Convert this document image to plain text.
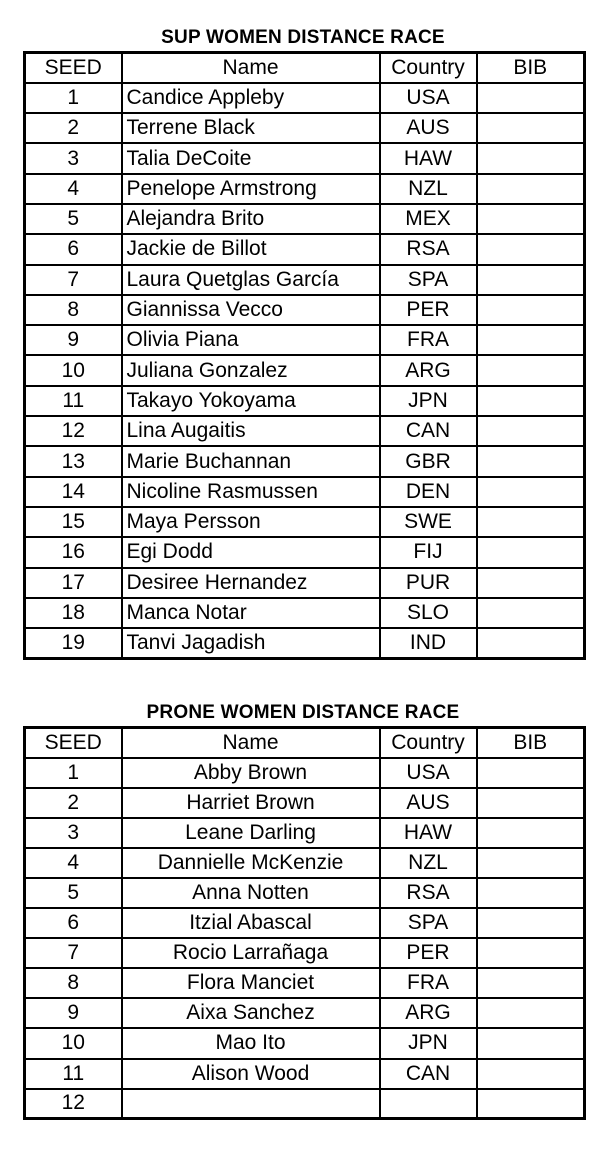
SUP WOMEN DISTANCE RACE
SEED	Name	Country	BIB
1	Candice Appleby	USA	
2	Terrene Black	AUS	
3	Talia DeCoite	HAW	
4	Penelope Armstrong	NZL	
5	Alejandra Brito	MEX	
6	Jackie de Billot	RSA	
7	Laura Quetglas García	SPA	
8	Giannissa Vecco	PER	
9	Olivia Piana	FRA	
10	Juliana Gonzalez	ARG	
11	Takayo Yokoyama	JPN	
12	Lina Augaitis	CAN	
13	Marie Buchannan	GBR	
14	Nicoline Rasmussen	DEN	
15	Maya Persson	SWE	
16	Egi Dodd	FIJ	
17	Desiree Hernandez	PUR	
18	Manca Notar	SLO	
19	Tanvi Jagadish	IND	
PRONE WOMEN DISTANCE RACE
SEED	Name	Country	BIB
1	Abby Brown	USA	
2	Harriet Brown	AUS	
3	Leane Darling	HAW	
4	Dannielle McKenzie	NZL	
5	Anna Notten	RSA	
6	Itzial Abascal	SPA	
7	Rocio Larrañaga	PER	
8	Flora Manciet	FRA	
9	Aixa Sanchez	ARG	
10	Mao Ito	JPN	
11	Alison Wood	CAN	
12			
